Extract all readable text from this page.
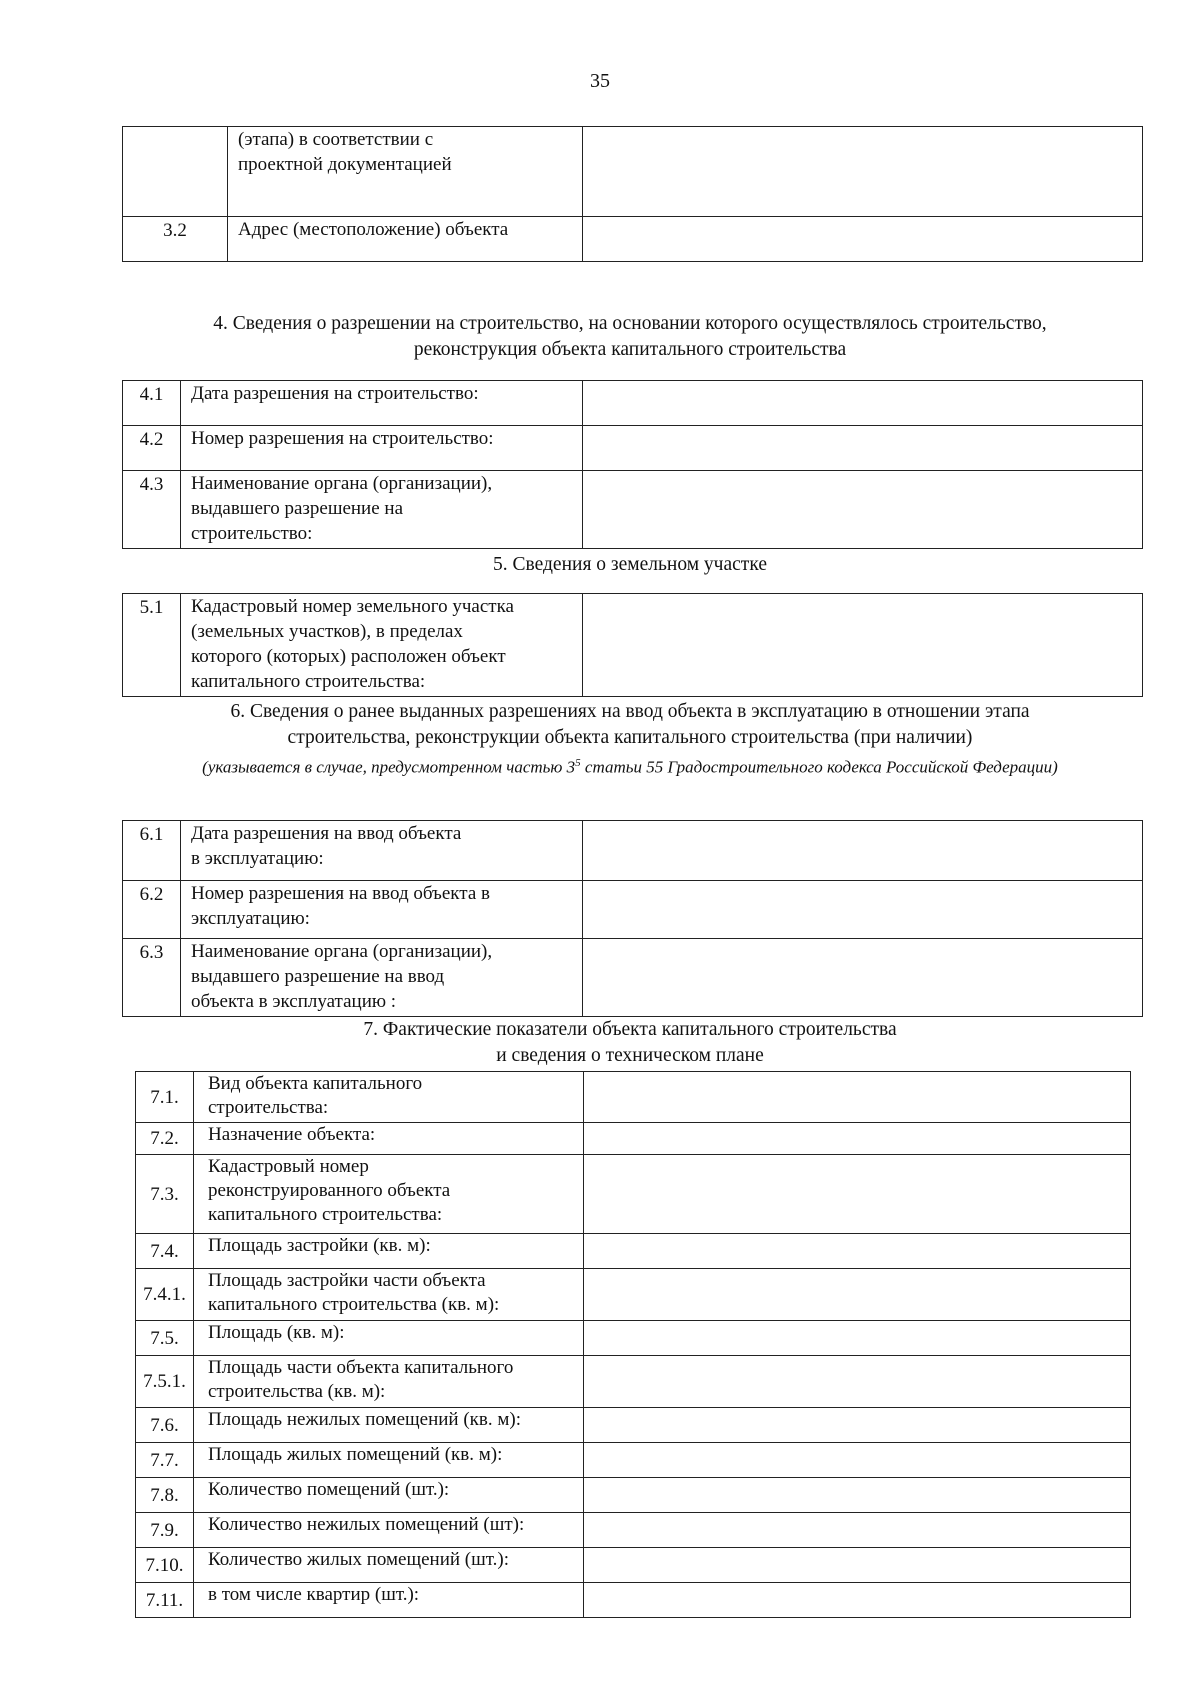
35

	(этапа) в соответствии с
проектной документацией	

3.2	Адрес (местоположение) объекта	

4. Сведения о разрешении на строительство, на основании которого осуществлялось строительство,
реконструкция объекта капитального строительства
4.1	Дата разрешения на строительство:	

4.2	Номер разрешения на строительство:	

4.3	Наименование органа (организации),
выдавшего разрешение на
строительство:	

5. Сведения о земельном участке
5.1	Кадастровый номер земельного участка
(земельных участков), в пределах
которого (которых) расположен объект
капитального строительства:

6. Сведения о ранее выданных разрешениях на ввод объекта в эксплуатацию в отношении этапа
строительства, реконструкции объекта капитального строительства (при наличии)
(указывается в случае, предусмотренном частью $3^5$ статьи 55 Градостроительного кодекса Российской Федерации)
6.1	Дата разрешения на ввод объекта
в эксплуатацию:	

6.2	Номер разрешения на ввод объекта в
эксплуатацию:	

6.3	Наименование органа (организации),
выдавшего разрешение на ввод
объекта в эксплуатацию :	

7. Фактические показатели объекта капитального строительства
и сведения о техническом плане
7.1.	Вид объекта капитального
строительства:	

7.2.	Назначение объекта:	

7.3.	Кадастровый номер
реконструированного объекта
капитального строительства:	

7.4.	Площадь застройки (кв. м):	

7.4.1.	Площадь застройки части объекта
капитального строительства (кв. м):	

7.5.	Площадь (кв. м):	

7.5.1.	Площадь части объекта капитального
строительства (кв. м):	

7.6.	Площадь нежилых помещений (кв. м):	

7.7.	Площадь жилых помещений (кв. м):	

7.8.	Количество помещений (шт.):	

7.9.	Количество нежилых помещений (шт):	

7.10.	Количество жилых помещений (шт.):	

7.11.	в том числе квартир (шт.):	
